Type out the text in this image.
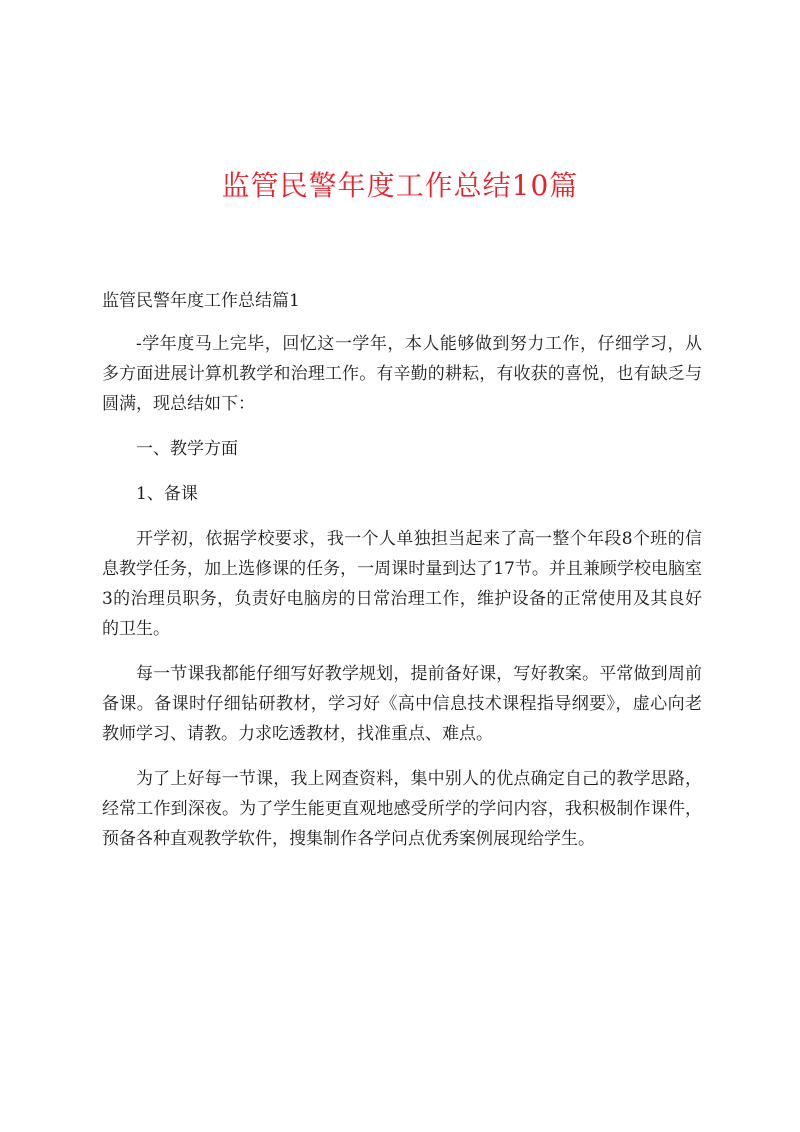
监管民警年度工作总结10篇

监管民警年度工作总结篇1

-学年度马上完毕，回忆这一学年，本人能够做到努力工作，仔细学习，从多方面进展计算机教学和治理工作。有辛勤的耕耘，有收获的喜悦，也有缺乏与圆满，现总结如下：

一、教学方面

1、备课

开学初，依据学校要求，我一个人单独担当起来了高一整个年段8个班的信息教学任务，加上选修课的任务，一周课时量到达了17节。并且兼顾学校电脑室3的治理员职务，负责好电脑房的日常治理工作，维护设备的正常使用及其良好的卫生。

每一节课我都能仔细写好教学规划，提前备好课，写好教案。平常做到周前备课。备课时仔细钻研教材，学习好《高中信息技术课程指导纲要》，虚心向老教师学习、请教。力求吃透教材，找准重点、难点。

为了上好每一节课，我上网查资料，集中别人的优点确定自己的教学思路，经常工作到深夜。为了学生能更直观地感受所学的学问内容，我积极制作课件，预备各种直观教学软件，搜集制作各学问点优秀案例展现给学生。
